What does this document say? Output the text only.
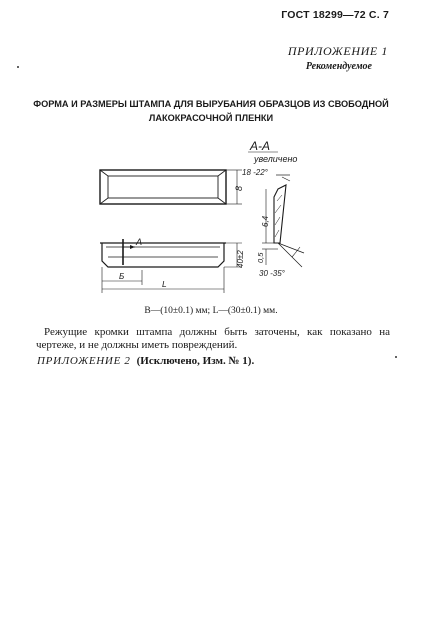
ГОСТ 18299—72 С. 7
ПРИЛОЖЕНИЕ 1
Рекомендуемое
ФОРМА И РАЗМЕРЫ ШТАМПА ДЛЯ ВЫРУБАНИЯ ОБРАЗЦОВ ИЗ СВОБОДНОЙ ЛАКОКРАСОЧНОЙ ПЛЕНКИ
8
А
40±2
Б
L
А-А
увеличено
18 -22°
6,4
0,5
30 -35°
B—(10±0.1) мм; L—(30±0.1) мм.
Режущие кромки штампа должны быть заточены, как показано на чертеже, и не должны иметь повреждений.
ПРИЛОЖЕНИЕ 2 (Исключено, Изм. № 1).
